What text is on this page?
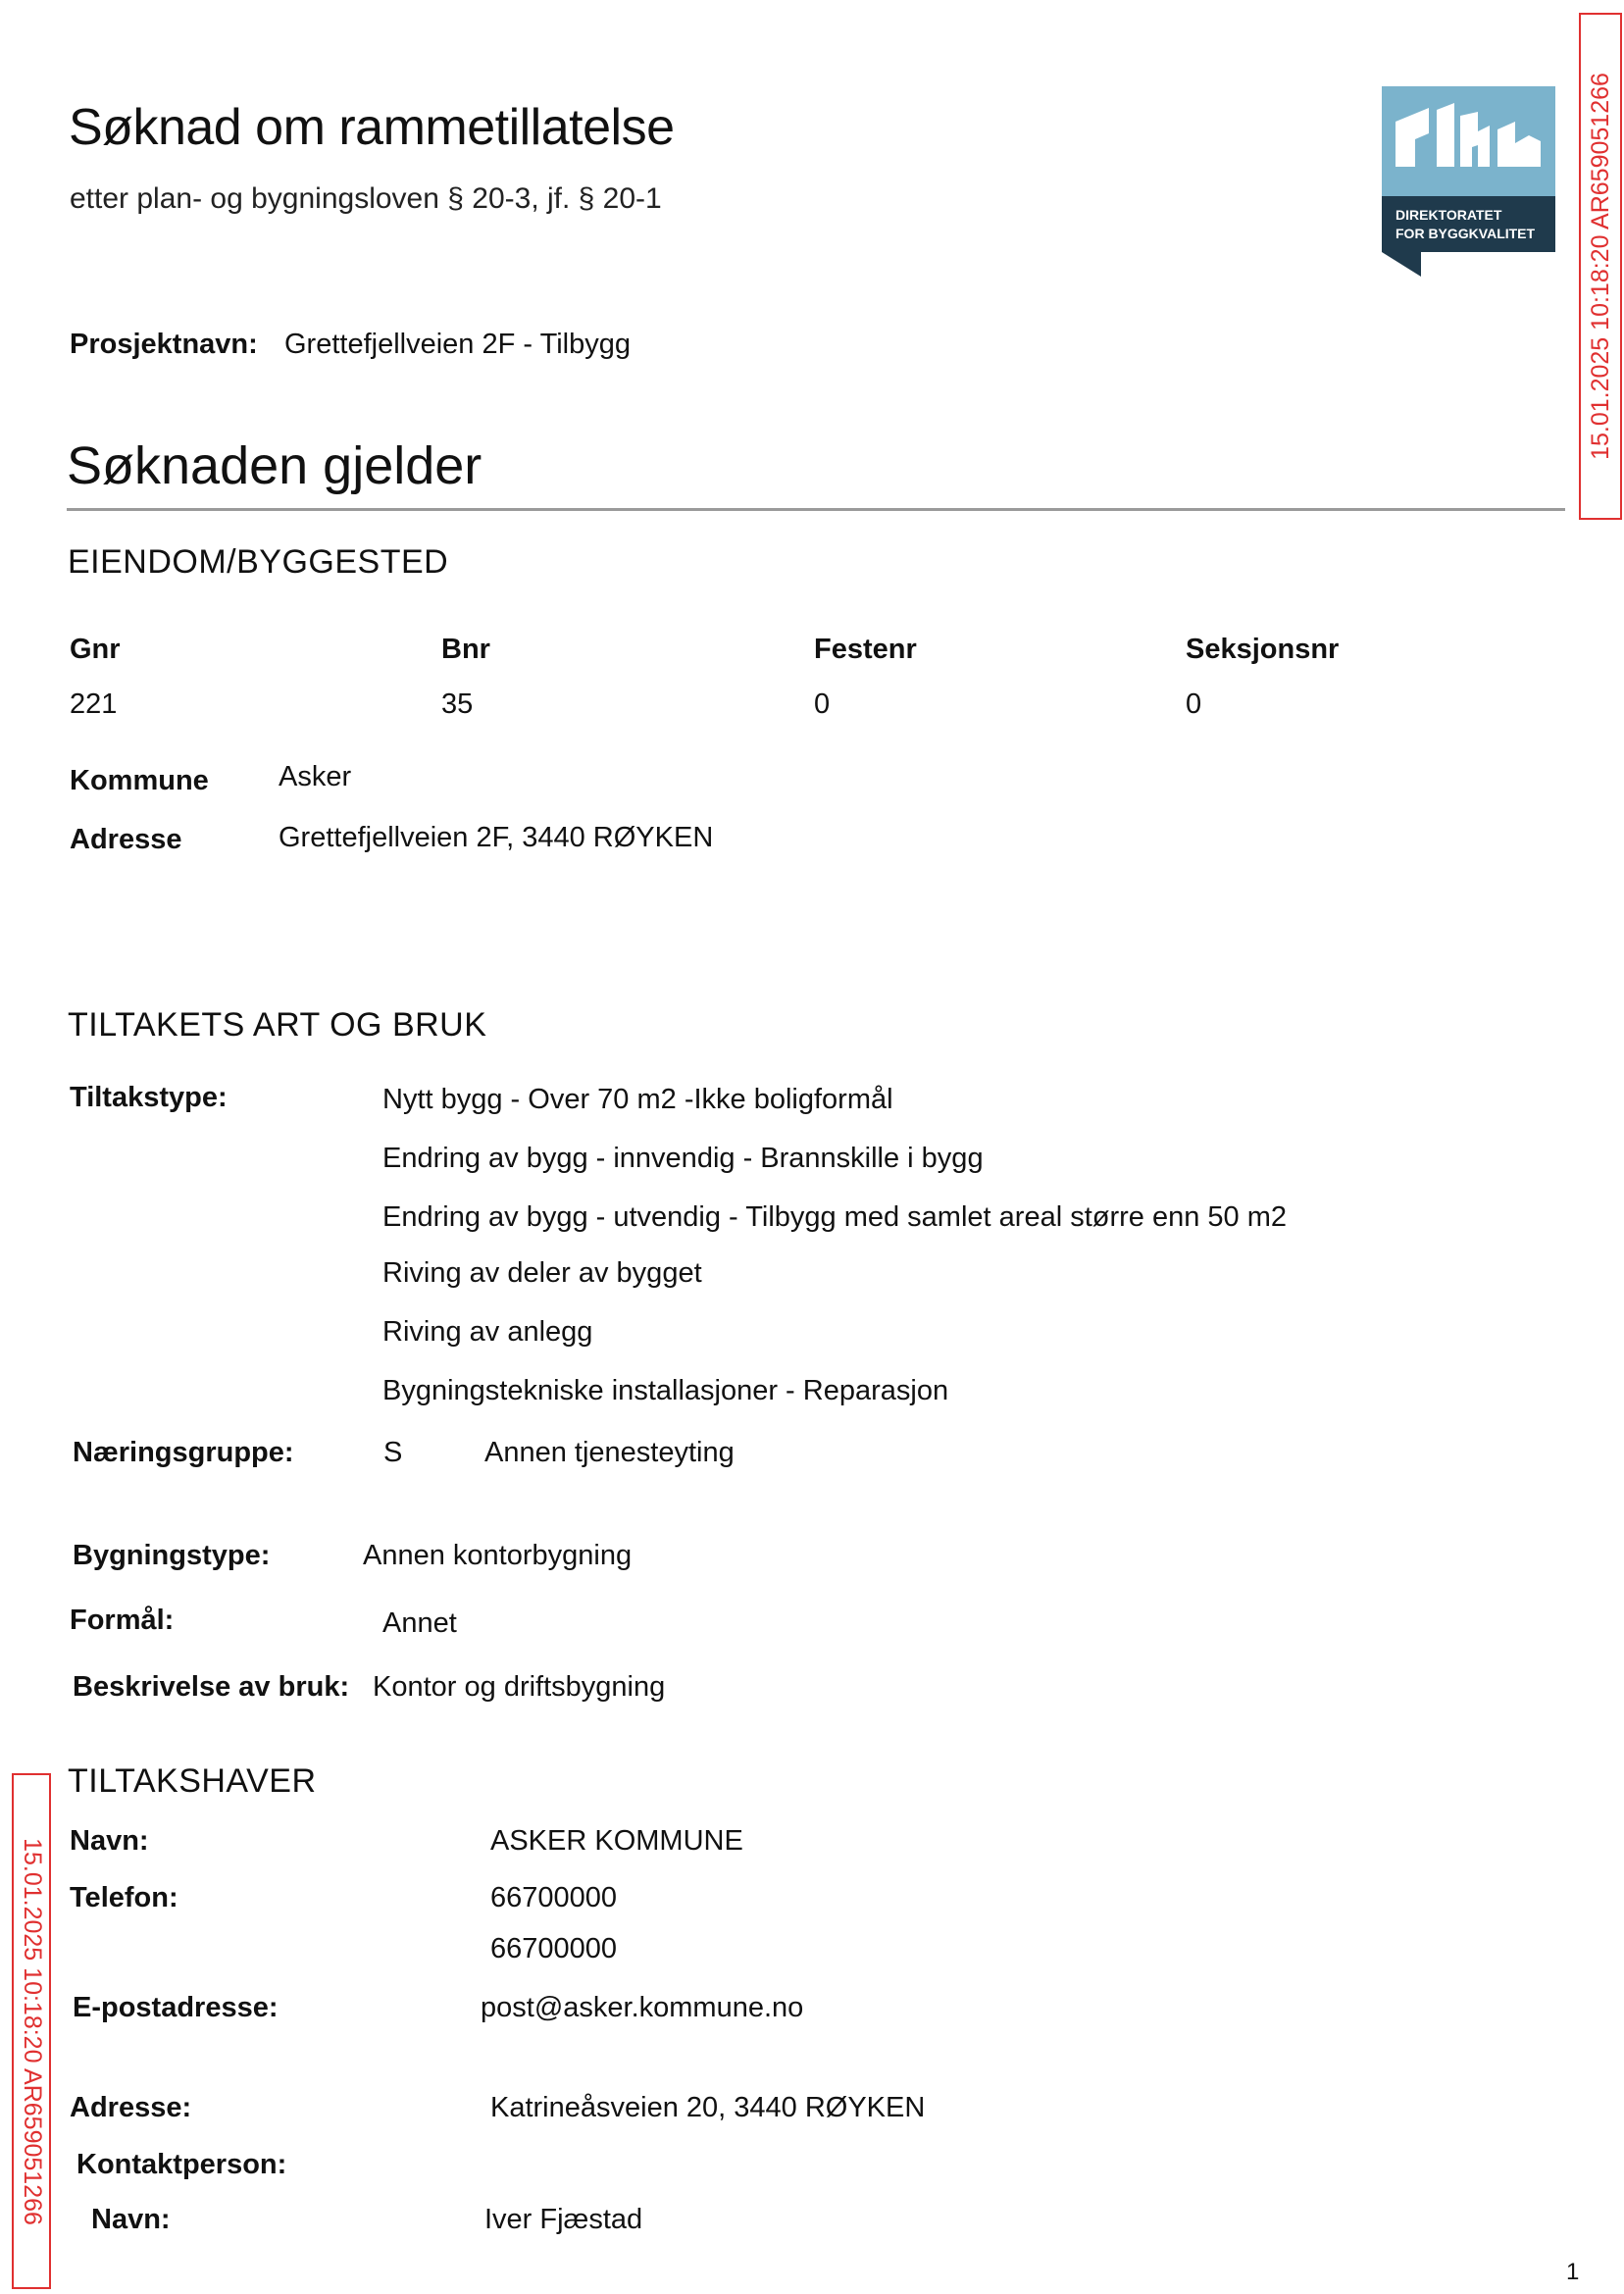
Søknad om rammetillatelse
etter plan- og bygningsloven § 20-3, jf. § 20-1
Prosjektnavn: Grettefjellveien 2F - Tilbygg
DIREKTORATET
FOR BYGGKVALITET 15.01.2025 10:18:20 AR659051266
15.01.2025 10:18:20 AR659051266
Søknaden gjelder
EIENDOM/BYGGESTED
Gnr	Bnr	Festenr	Seksjonsnr
221	35	0	0
Kommune Asker
Adresse	Grettefjellveien 2F, 3440 RØYKEN
TILTAKETS ART OG BRUK
Tiltakstype:	Nytt bygg - Over 70 m2 -Ikke boligformål
Endring av bygg - innvendig - Brannskille i bygg
Endring av bygg - utvendig - Tilbygg med samlet areal større enn 50 m2
Riving av deler av bygget
Riving av anlegg
Bygningstekniske installasjoner - Reparasjon
Næringsgruppe:	S	Annen tjenesteyting
Bygningstype:	Annen kontorbygning
Formål:	Annet
Beskrivelse av bruk: Kontor og driftsbygning
TILTAKSHAVER
Navn:	ASKER KOMMUNE
Telefon:	66700000
66700000
E-postadresse:	post@asker.kommune.no
Adresse:	Katrineåsveien 20, 3440 RØYKEN
Kontaktperson:
Navn:	Iver Fjæstad
1
